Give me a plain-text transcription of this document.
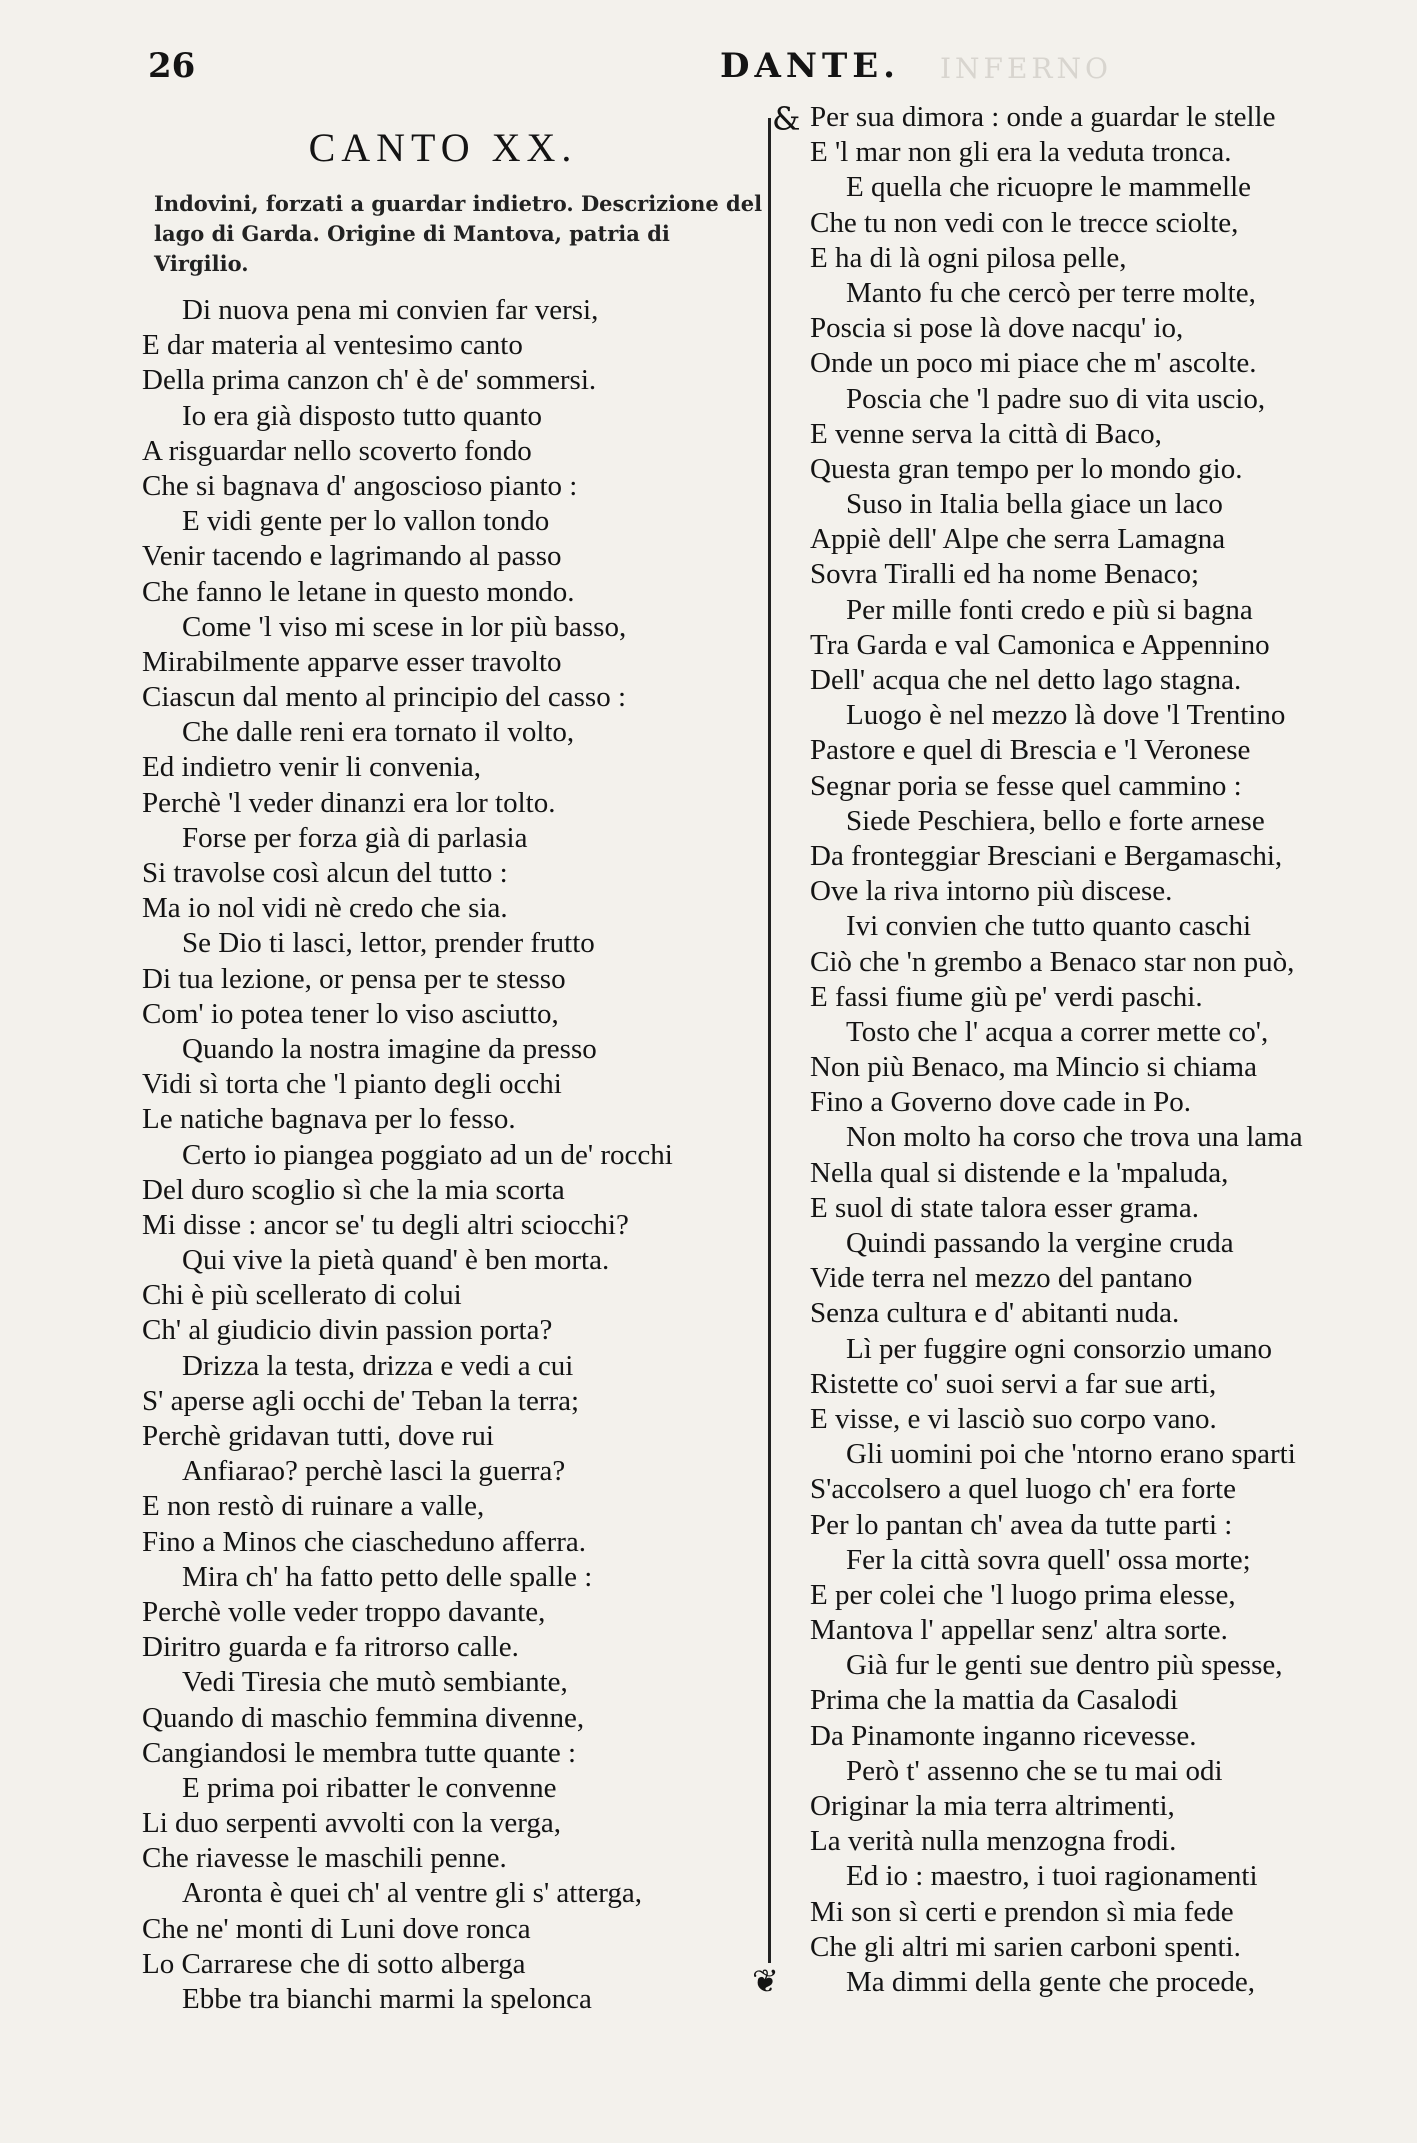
26	DANTE. INFERNO
CANTO XX.
Indovini, forzati a guardar indietro. Descrizione del lago di Garda. Origine di Mantova, patria di Virgilio.
Di nuova pena mi convien far versi,
E dar materia al ventesimo canto
Della prima canzon ch' è de' sommersi.
Io era già disposto tutto quanto
A risguardar nello scoverto fondo
Che si bagnava d' angoscioso pianto :
E vidi gente per lo vallon tondo
Venir tacendo e lagrimando al passo
Che fanno le letane in questo mondo.
Come 'l viso mi scese in lor più basso,
Mirabilmente apparve esser travolto
Ciascun dal mento al principio del casso :
Che dalle reni era tornato il volto,
Ed indietro venir li convenia,
Perchè 'l veder dinanzi era lor tolto.
Forse per forza già di parlasia
Si travolse così alcun del tutto :
Ma io nol vidi nè credo che sia.
Se Dio ti lasci, lettor, prender frutto
Di tua lezione, or pensa per te stesso
Com' io potea tener lo viso asciutto,
Quando la nostra imagine da presso
Vidi sì torta che 'l pianto degli occhi
Le natiche bagnava per lo fesso.
Certo io piangea poggiato ad un de' rocchi
Del duro scoglio sì che la mia scorta
Mi disse : ancor se' tu degli altri sciocchi?
Qui vive la pietà quand' è ben morta.
Chi è più scellerato di colui
Ch' al giudicio divin passion porta?
Drizza la testa, drizza e vedi a cui
S' aperse agli occhi de' Teban la terra;
Perchè gridavan tutti, dove rui
Anfiarao? perchè lasci la guerra?
E non restò di ruinare a valle,
Fino a Minos che ciascheduno afferra.
Mira ch' ha fatto petto delle spalle :
Perchè volle veder troppo davante,
Diritro guarda e fa ritrorso calle.
Vedi Tiresia che mutò sembiante,
Quando di maschio femmina divenne,
Cangiandosi le membra tutte quante :
E prima poi ribatter le convenne
Li duo serpenti avvolti con la verga,
Che riavesse le maschili penne.
Aronta è quei ch' al ventre gli s' atterga,
Che ne' monti di Luni dove ronca
Lo Carrarese che di sotto alberga
Ebbe tra bianchi marmi la spelonca
&
❦
Per sua dimora : onde a guardar le stelle
E 'l mar non gli era la veduta tronca.
E quella che ricuopre le mammelle
Che tu non vedi con le trecce sciolte,
E ha di là ogni pilosa pelle,
Manto fu che cercò per terre molte,
Poscia si pose là dove nacqu' io,
Onde un poco mi piace che m' ascolte.
Poscia che 'l padre suo di vita uscio,
E venne serva la città di Baco,
Questa gran tempo per lo mondo gio.
Suso in Italia bella giace un laco
Appiè dell' Alpe che serra Lamagna
Sovra Tiralli ed ha nome Benaco;
Per mille fonti credo e più si bagna
Tra Garda e val Camonica e Appennino
Dell' acqua che nel detto lago stagna.
Luogo è nel mezzo là dove 'l Trentino
Pastore e quel di Brescia e 'l Veronese
Segnar poria se fesse quel cammino :
Siede Peschiera, bello e forte arnese
Da fronteggiar Bresciani e Bergamaschi,
Ove la riva intorno più discese.
Ivi convien che tutto quanto caschi
Ciò che 'n grembo a Benaco star non può,
E fassi fiume giù pe' verdi paschi.
Tosto che l' acqua a correr mette co',
Non più Benaco, ma Mincio si chiama
Fino a Governo dove cade in Po.
Non molto ha corso che trova una lama
Nella qual si distende e la 'mpaluda,
E suol di state talora esser grama.
Quindi passando la vergine cruda
Vide terra nel mezzo del pantano
Senza cultura e d' abitanti nuda.
Lì per fuggire ogni consorzio umano
Ristette co' suoi servi a far sue arti,
E visse, e vi lasciò suo corpo vano.
Gli uomini poi che 'ntorno erano sparti
S'accolsero a quel luogo ch' era forte
Per lo pantan ch' avea da tutte parti :
Fer la città sovra quell' ossa morte;
E per colei che 'l luogo prima elesse,
Mantova l' appellar senz' altra sorte.
Già fur le genti sue dentro più spesse,
Prima che la mattia da Casalodi
Da Pinamonte inganno ricevesse.
Però t' assenno che se tu mai odi
Originar la mia terra altrimenti,
La verità nulla menzogna frodi.
Ed io : maestro, i tuoi ragionamenti
Mi son sì certi e prendon sì mia fede
Che gli altri mi sarien carboni spenti.
Ma dimmi della gente che procede,
